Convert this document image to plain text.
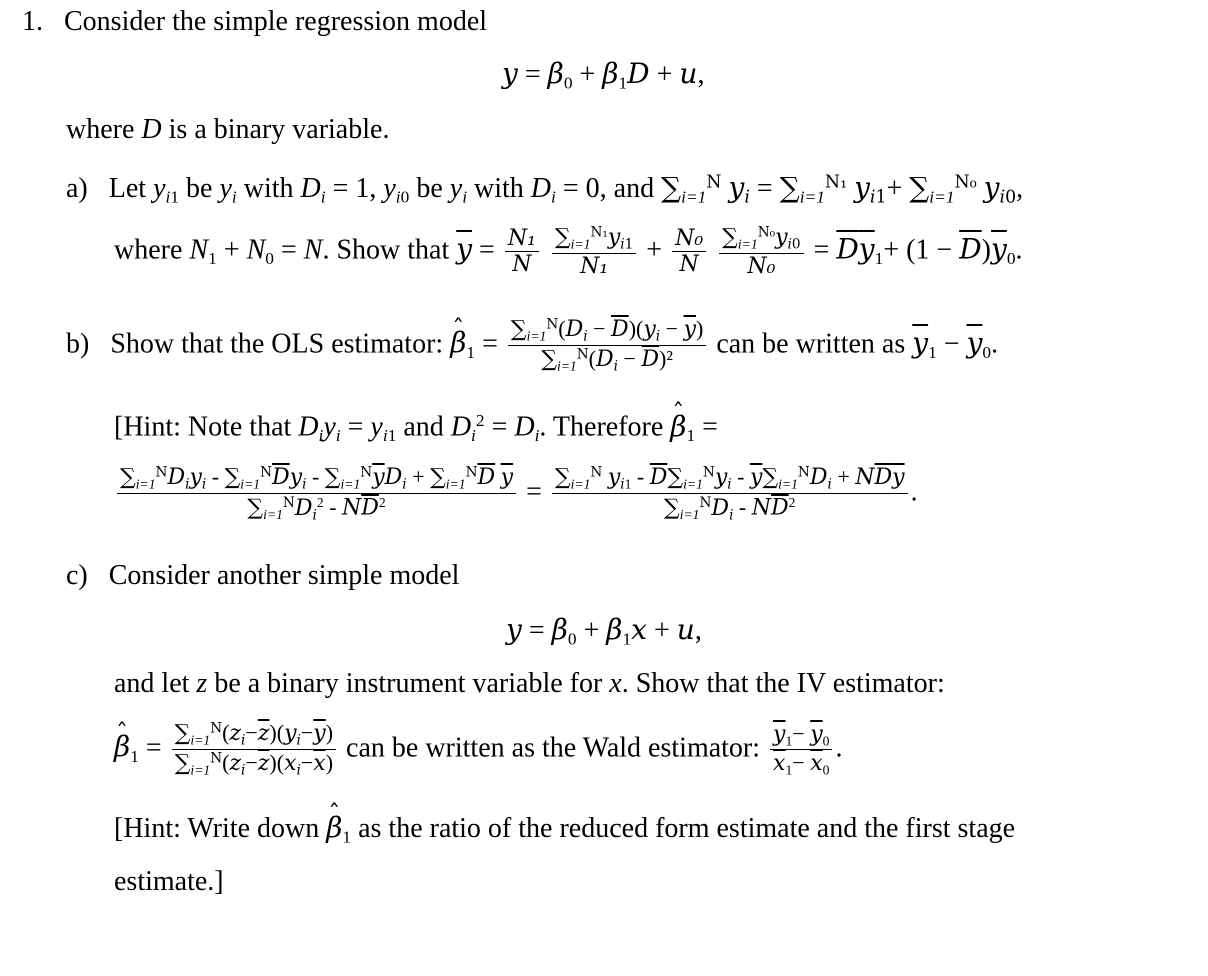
1.   Consider the simple regression model
$y = \beta_0 + \beta_1D + u$,
where D is a binary variable.
a)   Let $yi_1$ be yi with Di = 1, $yi_0$ be yi with Di = 0, and $\sum i=1^N$ yi = $\sum i=1^{N_1}$ $yi_1+ \sum i=1^{N_0}$ $yi_0$,
where $N_1 + N_0 = N$. Show that $\overline{y} = \frac{\text{N₁}}{N}$
$\frac{\sum i=1^{N_1}yi_1}{\text{N₁}} + \frac{\text{N₀}}{N}$
$\frac{\sum i=1^{N_0}yi_0}{\text{N₀}} = \overline{D}\overline{y}_1+ (1 - \overline{D})\overline{y}_0$.
b)   Show that the OLS estimator: ˆ $\beta_1 = \frac{\sum i=1^N(Di - \overline{D})(yi - \overline{y})}{\sum i=1^N(Di - \overline{D})^2}$ can be written as $\overline{y}_1 - \overline{y}_0$.
[Hint: Note that Diyi = $yi_1$ and $Di^2 = Di$. Therefore ˆ $\beta_1$ =
$\frac{\sum i=1^NDiyi - \sum i=1^N\overline{D}yi - \sum i=1^N\overline{y}Di + \sum i=1^N\overline{D} \overline{y}}{\sum i=1^NDi^2 - N\overline{D}^2} = \frac{\sum i=1^N yi_1 - \overline{D}\sum i=1^Nyi - \overline{y}\sum i=1^NDi + N\overline{D}\overline{y}}{\sum i=1^NDi - N\overline{D}^2}$ .
c)   Consider another simple model
$y = \beta_0 + \beta_1x + u$,
and let z be a binary instrument variable for x. Show that the IV estimator:
ˆ $\beta_1 = \frac{\sum i=1^N(zi-\overline{z})(yi-\overline{y})}{\sum i=1^N(zi-\overline{z})(xi-\overline{x})}$ can be written as the Wald estimator: $\frac{\overline{y}_1- \overline{y}_0}{\overline{x}_1- \overline{x}_0}$ .
[Hint: Write down ˆ $\beta_1$ as the ratio of the reduced form estimate and the first stage
estimate.]
